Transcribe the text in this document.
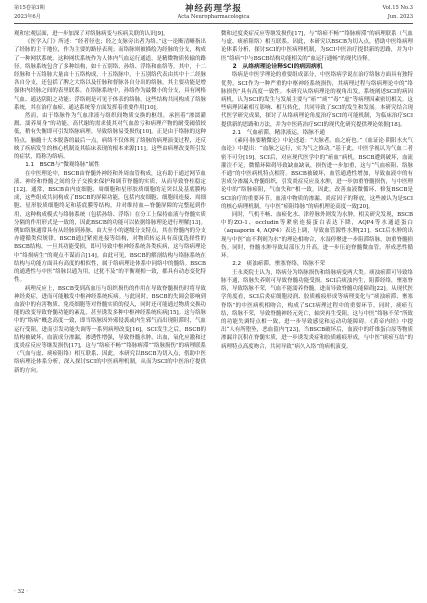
第15卷第3期	神经药理学报	Vol.15 No.3
2023年6月	Acta Neuropharmacologica	Jun. 2023

观和宏观层面，进一步加深了对络脉病变与疾病关联的认识[9]。

《医学入门》所述：“经者径也；经之支脉旁出者为络。”这一论断清晰指出了经脉的主干地位，作为主要的路径表现；而络脉则被描绘为经脉的分支，构成了一种网状系统。这种网状系统作为人体内气血运行通道，是精微物质传输的路径。络脉系统包含了多种结构，如十五别络、孙络、浮络和血络等。其中，十二经脉和十五络脉大量由十五络构成，十五络脉中，十五别络代表由其中十二经脉各自分支，还包括了脾之大络以及任脉和督脉各自分出的络脉，其主要功能是增强体内经脉之间的表里联系。在络脉系统中，孙络作为最微小的分支，具有网格气血、通达阴阳之功能；浮络则是可见于体表的络脉。这些结构共同构成了络脉系统，其在治疗血瘀、通达系统等方面发挥着重要作用[10]。

然而，由于络脉作为气血津液与组织间物质交换的枢纽，承担着“渗濡灌溉、濡养周身”的功能，高代谢的需求使其对气血盈亏和病理产物的耐受阈值较低，稍有失衡即可引发络脉病理。导致络脉易受损伤[10]。正是由于络脉的这种特点，脑髓十大本脱落的最后一点，病络不仅体现了络脉的病理演变过程，还反映了疾病发生的核心机制及其临床表现的根本来源[11]。这些由病理改变所引发的症状，简称为络病。

1.1　BSCB与“微观络脉”属性

在中医理论中，BSCB由脊髓外神经和外周血管构成，这有助于通过网节血液、神经和脊髓之间的分子交换来保护和调节脊髓的实质，从而导致脊柱稳定[12]。通常，BSCB由内皮细胞、周细胞和星形胶质细胞的足突以及基底膜构成，这些组成共同构成了BSCB的屏障功能，包括内皮细胞、细胞间连接、周细胞、星形胶质细胞终足和基底膜等结构，并对维持血—脊髓屏障的完整起到作用，这种构成模式与络脉系统（包括孙络、浮络）在分工上保持血液与脊髓实质分隔的作用形式是一致的，因此BSCB的功能可以依据络脉理论进行理解[13]。例如络脉通常具有从经脉到孙脉、由大至小的逐级分支特点，其在脊髓内的分支亦遵循类似规律。BSCB通过紧密连接等结构，对物质转运具有高度选择性的BSCB结构，一旦其功能受损，即可导致中枢神经系统各类疾病，这与络病理论中“络损病生”的观点不谋而合[14]。由此可见，BSCB的解剖结构与络脉系统在结构与功能方面具有高度的相似性，属于络病理论体系中同络中的髓络。BSCB的通透性与中医“络脉以通为用，过犹不及”的平衡观相一致，都具有动态变化特性。

病理反应上，BSCB受到高血压与组织损伤的作用在导致脊髓损伤时将导致神经炎症，进而可能触发中枢神经系统疾病。与此同时，BSCB的失调会影响到血液中的有害物质、免疫细胞等对脊髓实质的侵入，同时还可能通过物质交换功能的改变导致脊髓功能的紊乱，甚至诱发多种中枢神经系统疾病[15]。这与络脉中的“络病”概念高度一致，即当络脉因外邪侵袭或内生邪气而出现阻滞时，气血运行受阻，进而引发功能失调等一系列病理改变[16]。SCI发生之后，BSCB的结构被破坏，血液成分渗漏，渗透性增强，导致脊髓水肿、出血，氧化应激和过度炎症反应等继发损伤[17]，这与“络瘀不畅”“络脉痹滞”“络脉损伤”的病理联系（气血与虚、痰瘀阻络）相互联系、因此，本研究以BSCB为切入点，借助中医络病理论体系分析，深入探讨SCI的中医病理机制，从而为SCI的中医治疗提供新的方向。

微和过度炎症反应等继发损伤[17]，与“络瘀不畅”“络脉痹滞”的病理联系（气血与虚、痰瘀阻络）相互联系。因此，本研究以BSCB为切入点，借助中医络病理论体系分析，探讨SCI的中医病理机制，为SCI中医治疗提供新的思路，并为中医“络病”中与BSCB结构功能相关的“血运行通畅”的现代诠释。

2　从络病理论诠释SCI的病因病机

络病是中医学理论的重要组成部分，中医络病学说在治疗络脉方面具有独特优势。SCI作为一种严重的中枢神经系统损伤，其病理过程与络病理论中的“络脉损伤”具有高度一致性。本研究从络病理论的视角出发，系统阐述SCI的病因病机，认为SCI的发生与发展主要与“瘀”“痰”“毒”“虚”等病理因素密切相关。这些病理因素相互影响、相互转化，共同导致了SCI的发生和发展。本研究结合现代医学研究成果，探讨了从络病理论角度治疗SCI的可能机制，为临床治疗SCI提供新的思路和方法，并为中医药治疗SCI的现代化研究提供理论依据[18]。

2.1　气血瘀滞，精津液运，络脉不通

《素问·脉要精微论》中论述道：“夫脉者，血之府也。”《血证论·阴阳水火气血论》中提出：“血脉之运行，实为气之推动。”基于此，中医学视认为气血二者密不可分[19]。SCI后，对应现代医学中的“瘀血”病机，BSCB遭到破坏，血流灌注不足，微循环障碍导致缺血缺氧，损伤进一步加重，这与“气血瘀阻、络脉不通”的中医病机特点相符。BSCB被破坏，血管通透性增加，导致血液中的有害成分渗漏入脊髓组织，引发炎症反应及水肿，进一步加重脊髓损伤，与中医理论中的“络脉瘀阻，气血失和”相一致。因此，改善血液微循环、修复BSCB是SCI治疗的重要环节。血液中物质的渗漏、炎症因子的释放，这些被认为是SCI的核心病理机制，与中医“瘀阻络脉”的病机理论高度一致[20]。

同时，气机不畅、血瘀化水、津停脉外则发为水肿，相关研究发现，BSCB中的ZO-1、occludin等紧密连接蛋白表达下降，AQP4等水通道蛋白（aquaporin 4, AQP4）表达上调，导致血管源性水肿[21]。SCI后水肿的出现与中医“血不利则为水”的理论相吻合，水湿停聚进一步阻滞络脉，加重脊髓损伤。同时，脊髓水肿导致局部压力升高，进一步压迫脊髓微血管，形成恶性循环。

2.2　痰浊瘀滞，壅塞脊络，络脉不荣

王永炎院士认为，络病分为络脉损伤和络脉病变两大类。痰浊瘀滞可导致络脉不通，络脉失养则可导致脊髓功能受损。SCI后痰浊内生，阻滞经络，壅塞脊络，导致络脉不荣，气血不能濡养脊髓，进而导致脊髓功能障碍[22]。从现代医学角度看，SCI后炎症细胞浸润、胶质瘢痕形成等病理变化与“痰浊瘀滞、壅塞脊络”的中医病机相吻合，构成了SCI病理过程中的重要环节。同时，痰瘀互结，络脉不荣，导致脊髓神经元死亡，轴突再生受阻，这与中医“络脉不荣”所致的功能失调特点相一致，进一步导致感觉和运动功能障碍。《黄帝内经》中提出“人有所堕坠，恶血留内”[23]，当BSCB破坏后，血液中的纤维蛋白原等物质渗漏并沉积在脊髓实质，进一步诱发炎症和胶质瘢痕形成，与中医“痰瘀互结”的病理特点高度吻合，共同导致“病久入络”的病机演变。

· 32 ·
